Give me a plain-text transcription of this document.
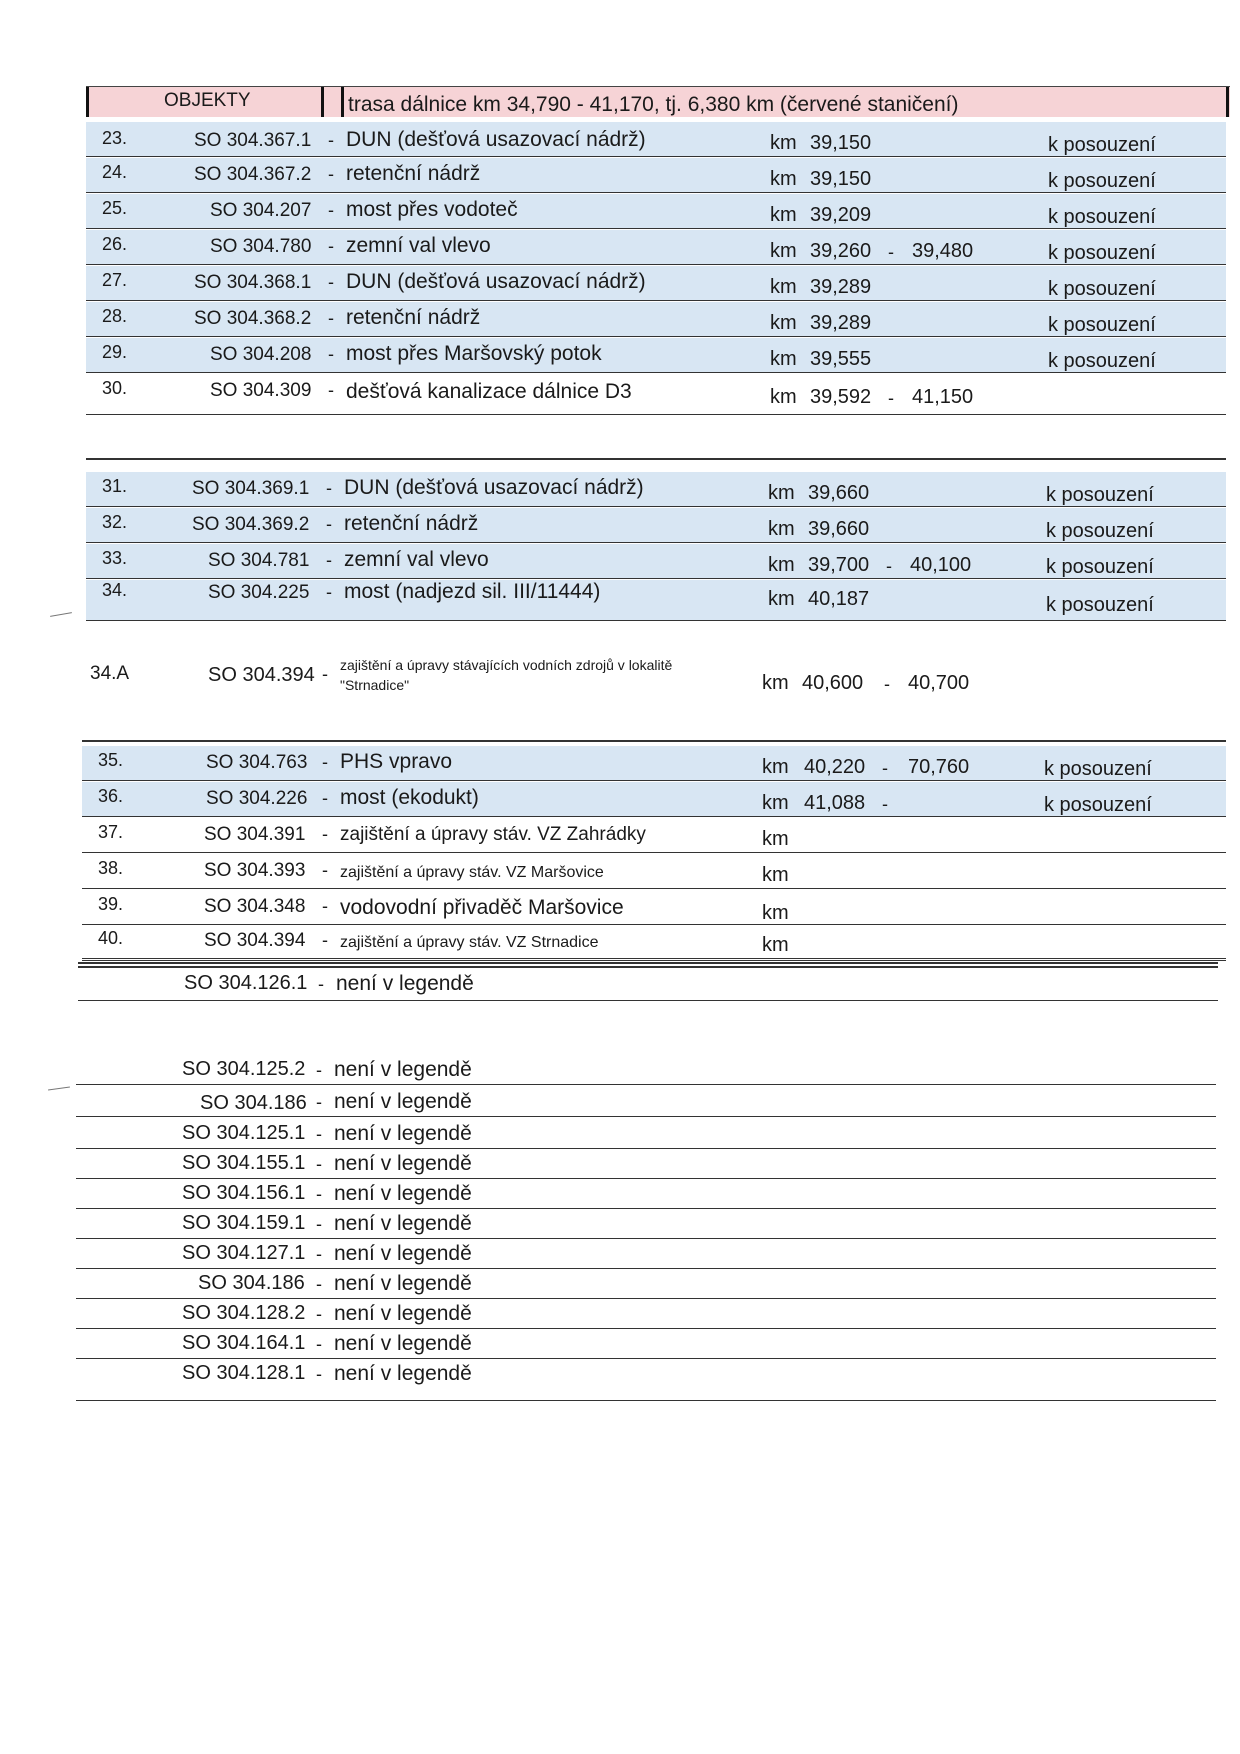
OBJEKTY	trasa dálnice km 34,790 - 41,170, tj. 6,380 km (červené staničení)
23.	SO 304.367.1 - DUN (dešťová usazovací nádrž)	km 39,150	k posouzení
24.	SO 304.367.2 - retenční nádrž	km 39,150	k posouzení
25.	SO 304.207 - most přes vodoteč	km 39,209	k posouzení
26.	SO 304.780 - zemní val vlevo	km 39,260 - 39,480	k posouzení
27.	SO 304.368.1 - DUN (dešťová usazovací nádrž)	km 39,289	k posouzení
28.	SO 304.368.2 - retenční nádrž	km 39,289	k posouzení
29.	SO 304.208 - most přes Maršovský potok	km 39,555	k posouzení
30.	SO 304.309 - dešťová kanalizace dálnice D3	km 39,592 - 41,150
31.	SO 304.369.1 - DUN (dešťová usazovací nádrž)	km 39,660	k posouzení
32.	SO 304.369.2 - retenční nádrž	km 39,660	k posouzení
33.	SO 304.781 - zemní val vlevo	km 39,700 - 40,100	k posouzení
34.	SO 304.225 - most (nadjezd sil. III/11444)	km 40,187	k posouzení
34.A	SO 304.394 - zajištění a úpravy stávajících vodních zdrojů v lokalitě
"Strnadice"	km 40,600 - 40,700
35.	SO 304.763 - PHS vpravo	km 40,220 - 70,760	k posouzení
36.	SO 304.226 - most (ekodukt)	km 41,088 -	k posouzení
37.	SO 304.391 - zajištění a úpravy stáv. VZ Zahrádky	km
38.	SO 304.393 - zajištění a úpravy stáv. VZ Maršovice	km
39.	SO 304.348 - vodovodní přivaděč Maršovice	km
40.	SO 304.394 - zajištění a úpravy stáv. VZ Strnadice	km
SO 304.126.1 - není v legendě
SO 304.125.2 - není v legendě
SO 304.186 - není v legendě
SO 304.125.1 - není v legendě
SO 304.155.1 - není v legendě
SO 304.156.1 - není v legendě
SO 304.159.1 - není v legendě
SO 304.127.1 - není v legendě
SO 304.186 - není v legendě
SO 304.128.2 - není v legendě
SO 304.164.1 - není v legendě
SO 304.128.1 - není v legendě
